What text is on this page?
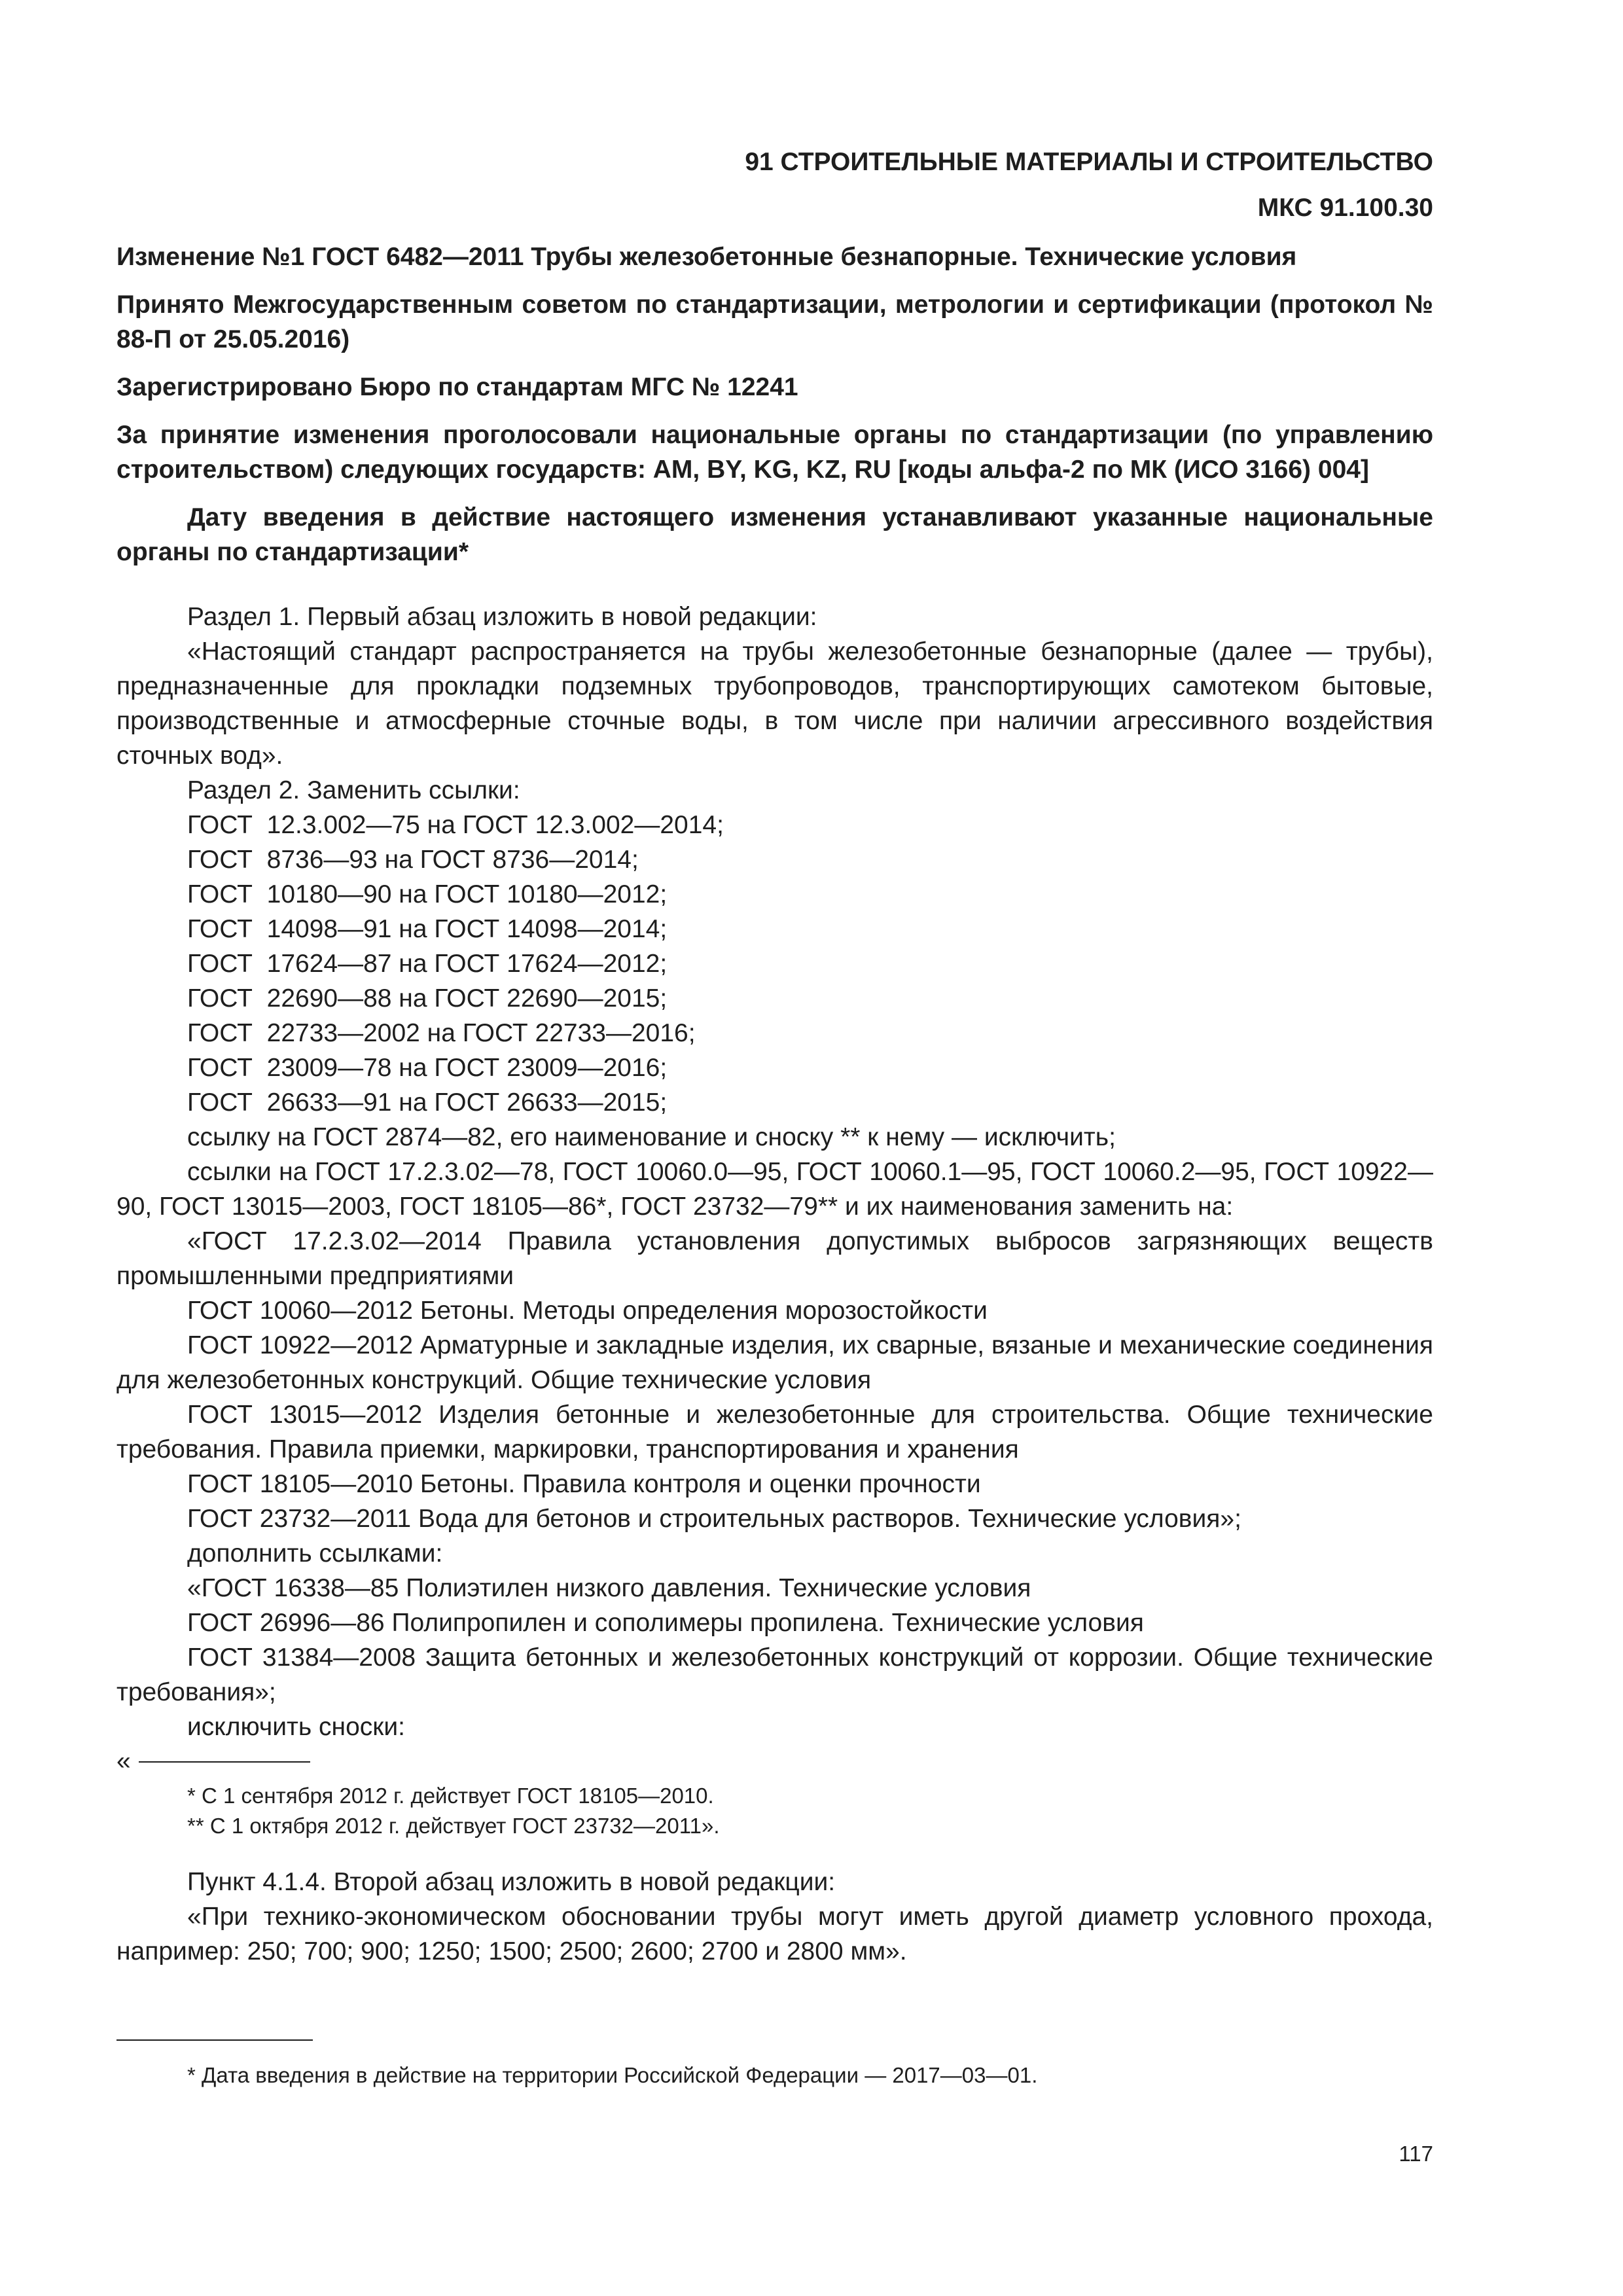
91 СТРОИТЕЛЬНЫЕ МАТЕРИАЛЫ И СТРОИТЕЛЬСТВО
МКС 91.100.30

Изменение №1 ГОСТ 6482—2011 Трубы железобетонные безнапорные. Технические условия

Принято Межгосударственным советом по стандартизации, метрологии и сертификации (протокол № 88-П от 25.05.2016)

Зарегистрировано Бюро по стандартам МГС № 12241

За принятие изменения проголосовали национальные органы по стандартизации (по управлению строительством) следующих государств: AM, BY, KG, KZ, RU [коды альфа-2 по МК (ИСО 3166) 004]

Дату введения в действие настоящего изменения устанавливают указанные национальные органы по стандартизации*

Раздел 1. Первый абзац изложить в новой редакции:

«Настоящий стандарт распространяется на трубы железобетонные безнапорные (далее — трубы), предназначенные для прокладки подземных трубопроводов, транспортирующих самотеком бытовые, производственные и атмосферные сточные воды, в том числе при наличии агрессивного воздействия сточных вод».

Раздел 2. Заменить ссылки:

ГОСТ  12.3.002—75 на ГОСТ 12.3.002—2014;

ГОСТ  8736—93 на ГОСТ 8736—2014;

ГОСТ  10180—90 на ГОСТ 10180—2012;

ГОСТ  14098—91 на ГОСТ 14098—2014;

ГОСТ  17624—87 на ГОСТ 17624—2012;

ГОСТ  22690—88 на ГОСТ 22690—2015;

ГОСТ  22733—2002 на ГОСТ 22733—2016;

ГОСТ  23009—78 на ГОСТ 23009—2016;

ГОСТ  26633—91 на ГОСТ 26633—2015;

ссылку на ГОСТ 2874—82, его наименование и сноску ** к нему — исключить;

ссылки на ГОСТ 17.2.3.02—78, ГОСТ 10060.0—95, ГОСТ 10060.1—95, ГОСТ 10060.2—95, ГОСТ 10922—90, ГОСТ 13015—2003, ГОСТ 18105—86*, ГОСТ 23732—79** и их наименования заменить на:

«ГОСТ 17.2.3.02—2014 Правила установления допустимых выбросов загрязняющих веществ промышленными предприятиями

ГОСТ 10060—2012 Бетоны. Методы определения морозостойкости

ГОСТ 10922—2012 Арматурные и закладные изделия, их сварные, вязаные и механические соединения для железобетонных конструкций. Общие технические условия

ГОСТ 13015—2012 Изделия бетонные и железобетонные для строительства. Общие технические требования. Правила приемки, маркировки, транспортирования и хранения

ГОСТ 18105—2010 Бетоны. Правила контроля и оценки прочности

ГОСТ 23732—2011 Вода для бетонов и строительных растворов. Технические условия»;

дополнить ссылками:

«ГОСТ 16338—85 Полиэтилен низкого давления. Технические условия

ГОСТ 26996—86 Полипропилен и сополимеры пропилена. Технические условия

ГОСТ 31384—2008 Защита бетонных и железобетонных конструкций от коррозии. Общие технические требования»;

исключить сноски:

«

* С 1 сентября 2012 г. действует ГОСТ 18105—2010.

** С 1 октября 2012 г. действует ГОСТ 23732—2011».

Пункт 4.1.4. Второй абзац изложить в новой редакции:

«При технико-экономическом обосновании трубы могут иметь другой диаметр условного прохода, например: 250; 700; 900; 1250; 1500; 2500; 2600; 2700 и 2800 мм».

* Дата введения в действие на территории Российской Федерации — 2017—03—01.
117
